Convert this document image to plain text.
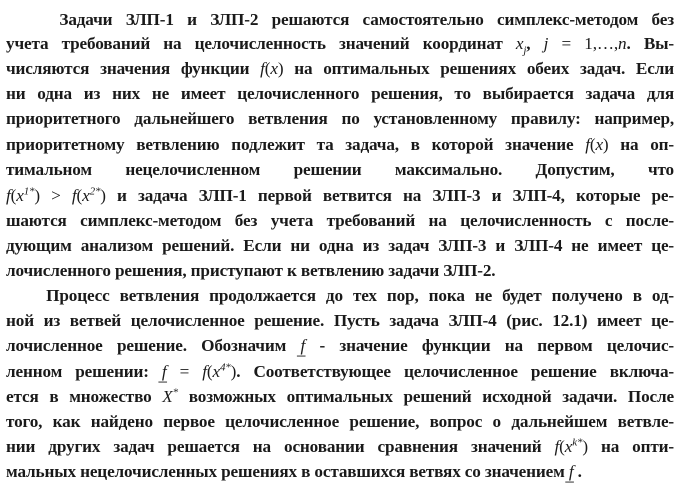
Задачи ЗЛП-1 и ЗЛП-2 решаются самостоятельно симплекс-методом без
учета требований на целочисленность значений координат $x_j$, j = 1,…,n. Вы-
числяются значения функции f(x) на оптимальных решениях обеих задач. Если
ни одна из них не имеет целочисленного решения, то выбирается задача для
приоритетного дальнейшего ветвления по установленному правилу: например,
приоритетному ветвлению подлежит та задача, в которой значение f(x) на оп-
тимальном нецелочисленном решении максимально. Допустим, что
$f(x^{1*}) > f(x^{2*})$ и задача ЗЛП-1 первой ветвится на ЗЛП-3 и ЗЛП-4, которые ре-
шаются симплекс-методом без учета требований на целочисленность с после-
дующим анализом решений. Если ни одна из задач ЗЛП-3 и ЗЛП-4 не имеет це-
лочисленного решения, приступают к ветвлению задачи ЗЛП-2.
Процесс ветвления продолжается до тех пор, пока не будет получено в од-
ной из ветвей целочисленное решение. Пусть задача ЗЛП-4 (рис. 12.1) имеет це-
лочисленное решение. Обозначим f̲ - значение функции на первом целочис-
ленном решении: f̲ = $f(x^{4*})$. Соответствующее целочисленное решение включа-
ется в множество X* возможных оптимальных решений исходной задачи. После
того, как найдено первое целочисленное решение, вопрос о дальнейшем ветвле-
нии других задач решается на основании сравнения значений $f(x^{k*})$ на опти-
мальных нецелочисленных решениях в оставшихся ветвях со значением f̲ .
